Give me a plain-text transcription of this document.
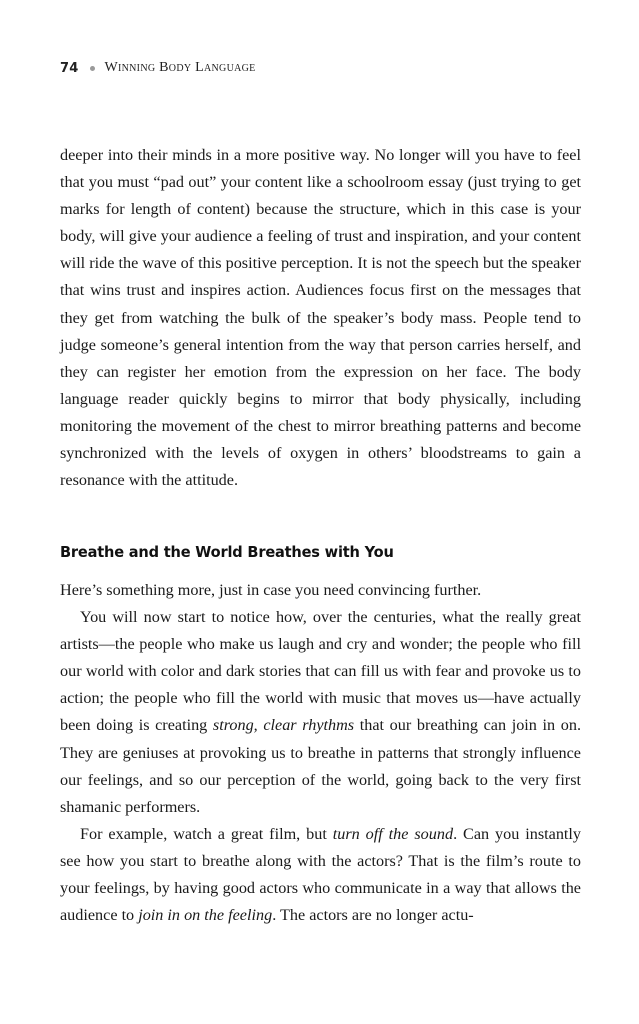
74 Winning Body Language

deeper into their minds in a more positive way. No longer will you have to feel that you must “pad out” your content like a schoolroom essay (just trying to get marks for length of content) because the structure, which in this case is your body, will give your audience a feeling of trust and inspiration, and your content will ride the wave of this positive perception. It is not the speech but the speaker that wins trust and inspires action. Audiences focus first on the messages that they get from watching the bulk of the speaker’s body mass. People tend to judge someone’s general intention from the way that person carries herself, and they can register her emotion from the expression on her face. The body language reader quickly begins to mirror that body physically, including monitoring the movement of the chest to mirror breathing patterns and become synchronized with the levels of oxygen in others’ bloodstreams to gain a resonance with the attitude.

Breathe and the World Breathes with You

Here’s something more, just in case you need convincing further.

You will now start to notice how, over the centuries, what the really great artists—the people who make us laugh and cry and wonder; the people who fill our world with color and dark stories that can fill us with fear and provoke us to action; the people who fill the world with music that moves us—have actually been doing is creating strong, clear rhythms that our breathing can join in on. They are geniuses at provoking us to breathe in patterns that strongly influence our feelings, and so our perception of the world, going back to the very first shamanic performers.

For example, watch a great film, but turn off the sound. Can you instantly see how you start to breathe along with the actors? That is the film’s route to your feelings, by having good actors who communicate in a way that allows the audience to join in on the feeling. The actors are no longer actu-
